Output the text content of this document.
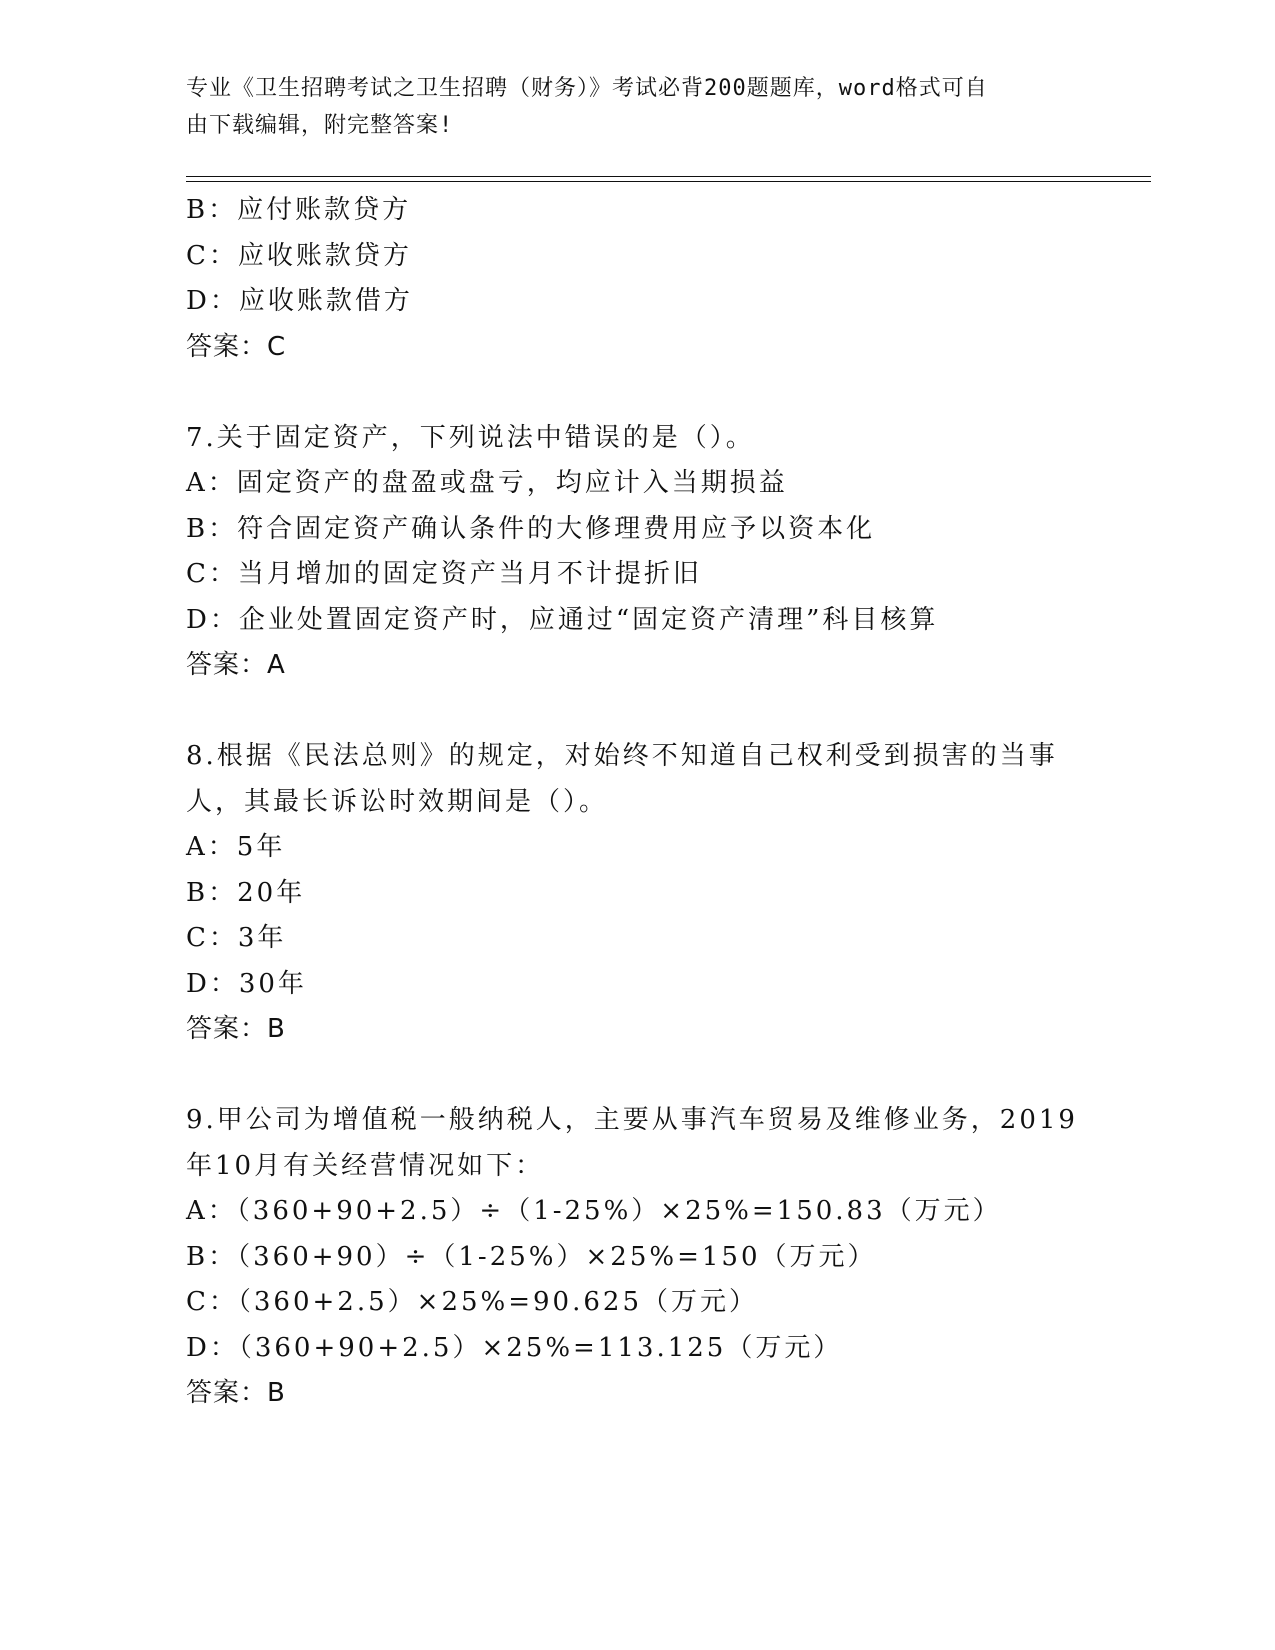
专业《卫生招聘考试之卫生招聘（财务）》考试必背200题题库，word格式可自
由下载编辑，附完整答案!
B：应付账款贷方
C：应收账款贷方
D：应收账款借方
答案：C
7.关于固定资产，下列说法中错误的是（）。
A：固定资产的盘盈或盘亏，均应计入当期损益
B：符合固定资产确认条件的大修理费用应予以资本化
C：当月增加的固定资产当月不计提折旧
D：企业处置固定资产时，应通过“固定资产清理”科目核算
答案：A
8.根据《民法总则》的规定，对始终不知道自己权利受到损害的当事
人，其最长诉讼时效期间是（）。
A：5年
B：20年
C：3年
D：30年
答案：B
9.甲公司为增值税一般纳税人，主要从事汽车贸易及维修业务，2019
年10月有关经营情况如下：
A：（360+90+2.5）÷（1-25%）×25%=150.83（万元）
B：（360+90）÷（1-25%）×25%=150（万元）
C：（360+2.5）×25%=90.625（万元）
D：（360+90+2.5）×25%=113.125（万元）
答案：B
